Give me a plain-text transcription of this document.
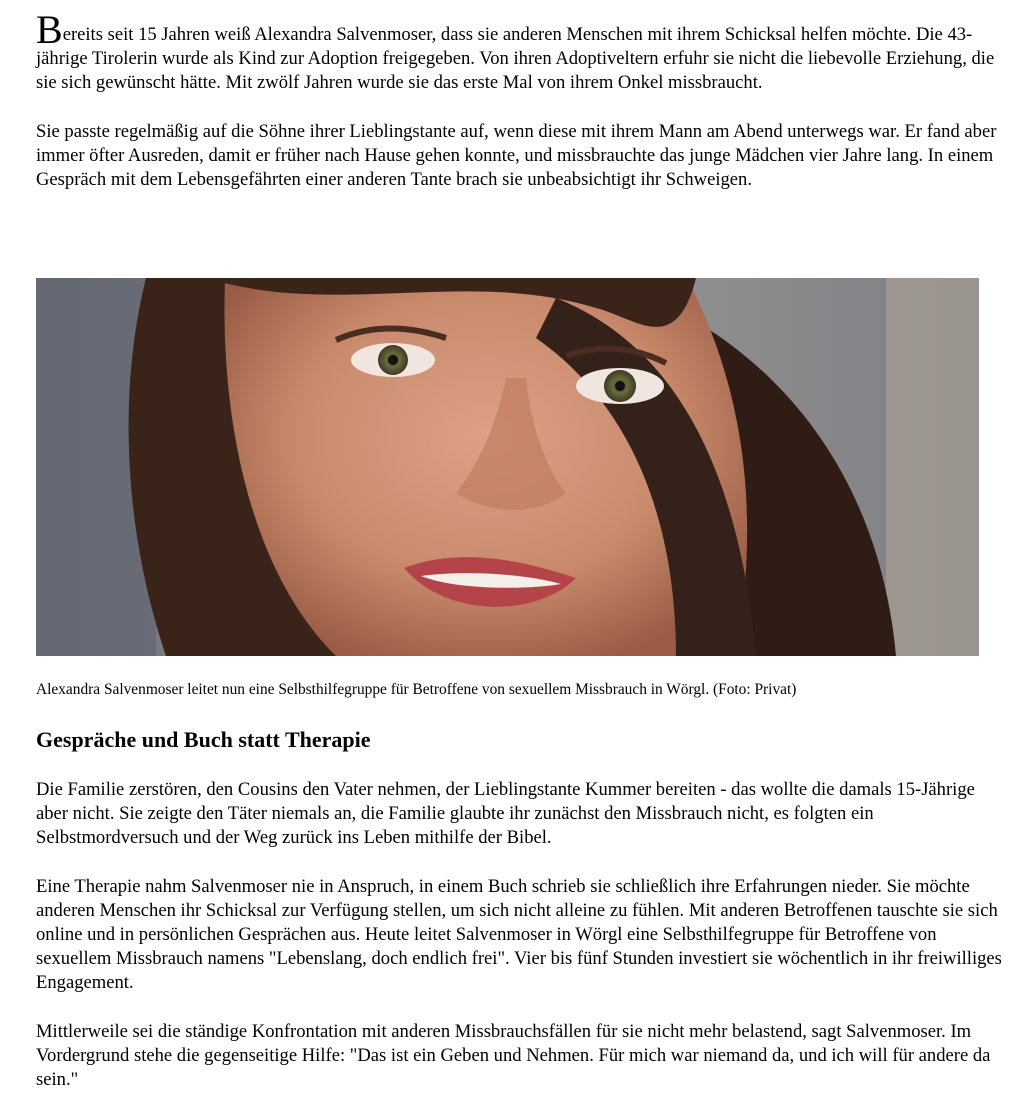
Bereits seit 15 Jahren weiß Alexandra Salvenmoser, dass sie anderen Menschen mit ihrem Schicksal helfen möchte. Die 43-jährige Tirolerin wurde als Kind zur Adoption freigegeben. Von ihren Adoptiveltern erfuhr sie nicht die liebevolle Erziehung, die sie sich gewünscht hätte. Mit zwölf Jahren wurde sie das erste Mal von ihrem Onkel missbraucht.

Sie passte regelmäßig auf die Söhne ihrer Lieblingstante auf, wenn diese mit ihrem Mann am Abend unterwegs war. Er fand aber immer öfter Ausreden, damit er früher nach Hause gehen konnte, und missbrauchte das junge Mädchen vier Jahre lang. In einem Gespräch mit dem Lebensgefährten einer anderen Tante brach sie unbeabsichtigt ihr Schweigen.

Alexandra Salvenmoser leitet nun eine Selbsthilfegruppe für Betroffene von sexuellem Missbrauch in Wörgl. (Foto: Privat)

Gespräche und Buch statt Therapie

Die Familie zerstören, den Cousins den Vater nehmen, der Lieblingstante Kummer bereiten - das wollte die damals 15-Jährige aber nicht. Sie zeigte den Täter niemals an, die Familie glaubte ihr zunächst den Missbrauch nicht, es folgten ein Selbstmordversuch und der Weg zurück ins Leben mithilfe der Bibel.

Eine Therapie nahm Salvenmoser nie in Anspruch, in einem Buch schrieb sie schließlich ihre Erfahrungen nieder. Sie möchte anderen Menschen ihr Schicksal zur Verfügung stellen, um sich nicht alleine zu fühlen. Mit anderen Betroffenen tauschte sie sich online und in persönlichen Gesprächen aus. Heute leitet Salvenmoser in Wörgl eine Selbsthilfegruppe für Betroffene von sexuellem Missbrauch namens "Lebenslang, doch endlich frei". Vier bis fünf Stunden investiert sie wöchentlich in ihr freiwilliges Engagement.

Mittlerweile sei die ständige Konfrontation mit anderen Missbrauchsfällen für sie nicht mehr belastend, sagt Salvenmoser. Im Vordergrund stehe die gegenseitige Hilfe: "Das ist ein Geben und Nehmen. Für mich war niemand da, und ich will für andere da sein."
